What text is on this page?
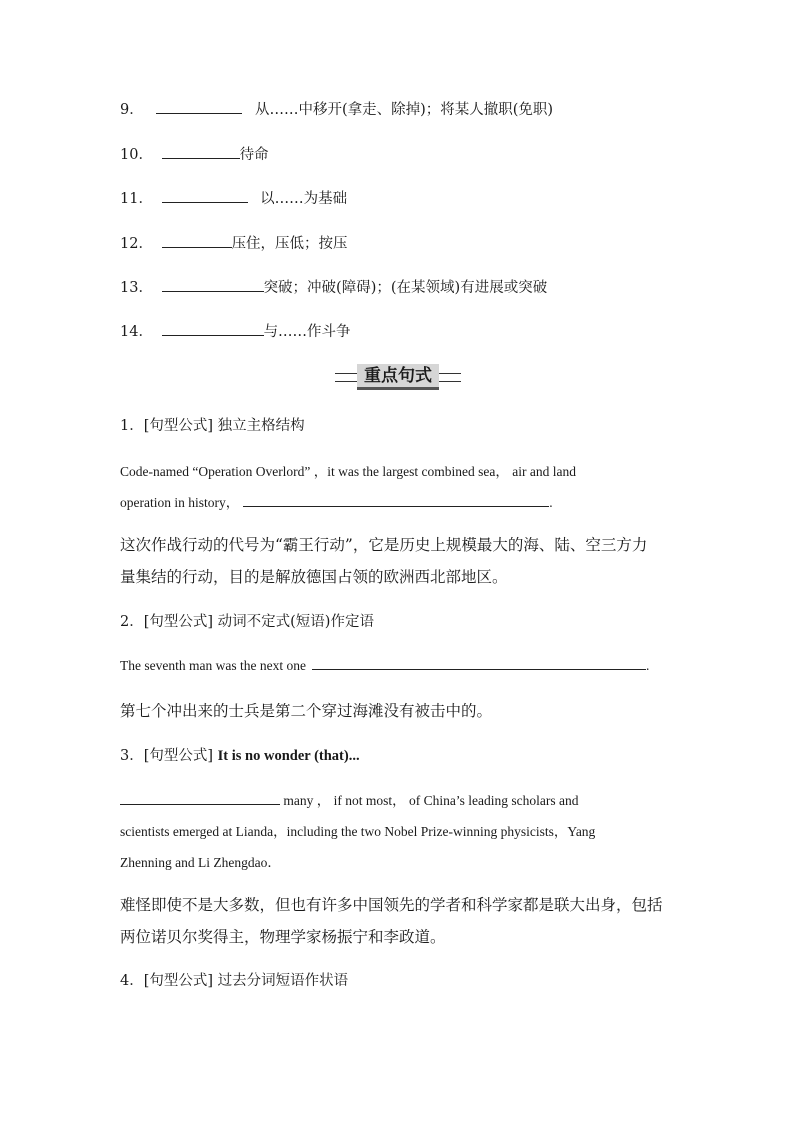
9．	从……中移开(拿走、除掉)；将某人撤职(免职)
10．	待命
11．	以……为基础
12．	压住，压低；按压
13．	突破；冲破(障碍)；(在某领域)有进展或突破
14．	与……作斗争
重点句式
1．[句型公式] 独立主格结构
Code-named “Operation Overlord” ，it was the largest combined sea， air and land
operation in history，	.
这次作战行动的代号为“霸王行动”，它是历史上规模最大的海、陆、空三方力
量集结的行动，目的是解放德国占领的欧洲西北部地区。
2．[句型公式] 动词不定式(短语)作定语
The seventh man was the next one	.
第七个冲出来的士兵是第二个穿过海滩没有被击中的。
3．[句型公式] It is no wonder (that)...
many ， if not most， of China’s leading scholars and
scientists emerged at Lianda，including the two Nobel Prize-winning physicists，Yang
Zhenning and Li Zhengdao．
难怪即使不是大多数，但也有许多中国领先的学者和科学家都是联大出身，包括
两位诺贝尔奖得主，物理学家杨振宁和李政道。
4．[句型公式] 过去分词短语作状语
